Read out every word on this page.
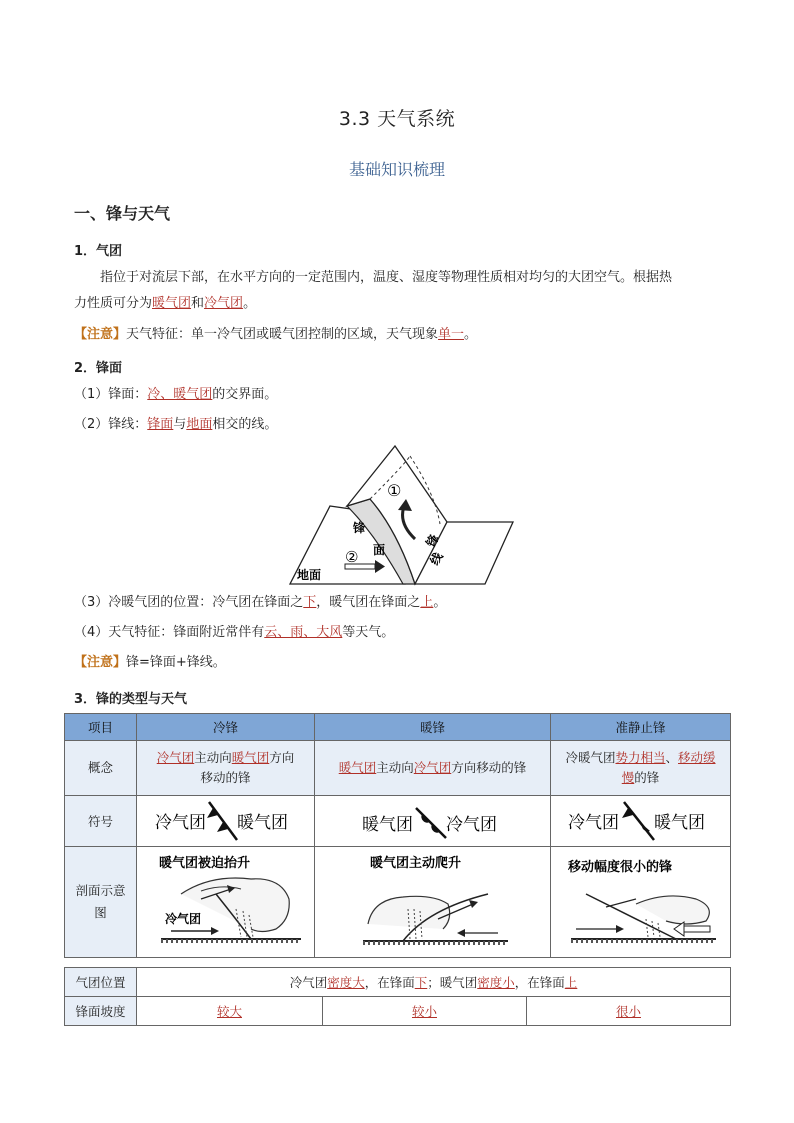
3.3 天气系统
基础知识梳理
一、锋与天气
1．气团
指位于对流层下部，在水平方向的一定范围内，温度、湿度等物理性质相对均匀的大团空气。根据热
力性质可分为暖气团和冷气团。
【注意】天气特征：单一冷气团或暖气团控制的区域，天气现象单一。
2．锋面
（1）锋面：冷、暖气团的交界面。
（2）锋线：锋面与地面相交的线。
①
②
锋
面
地面
锋
线
（3）冷暖气团的位置：冷气团在锋面之下，暖气团在锋面之上。
（4）天气特征：锋面附近常伴有云、雨、大风等天气。
【注意】锋=锋面+锋线。
3．锋的类型与天气
项目	冷锋	暖锋	准静止锋
概念	冷气团主动向暖气团方向
移动的锋	暖气团主动向冷气团方向移动的锋	冷暖气团势力相当、移动缓
慢的锋
符号	冷气团 暖气团	暖气团 冷气团	冷气团 暖气团

剖面示意
图	暖气团被迫抬升
冷气团	暖气团主动爬升	移动幅度很小的锋
气团位置	冷气团密度大，在锋面下；暖气团密度小，在锋面上		
锋面坡度	较大	较小	很小
